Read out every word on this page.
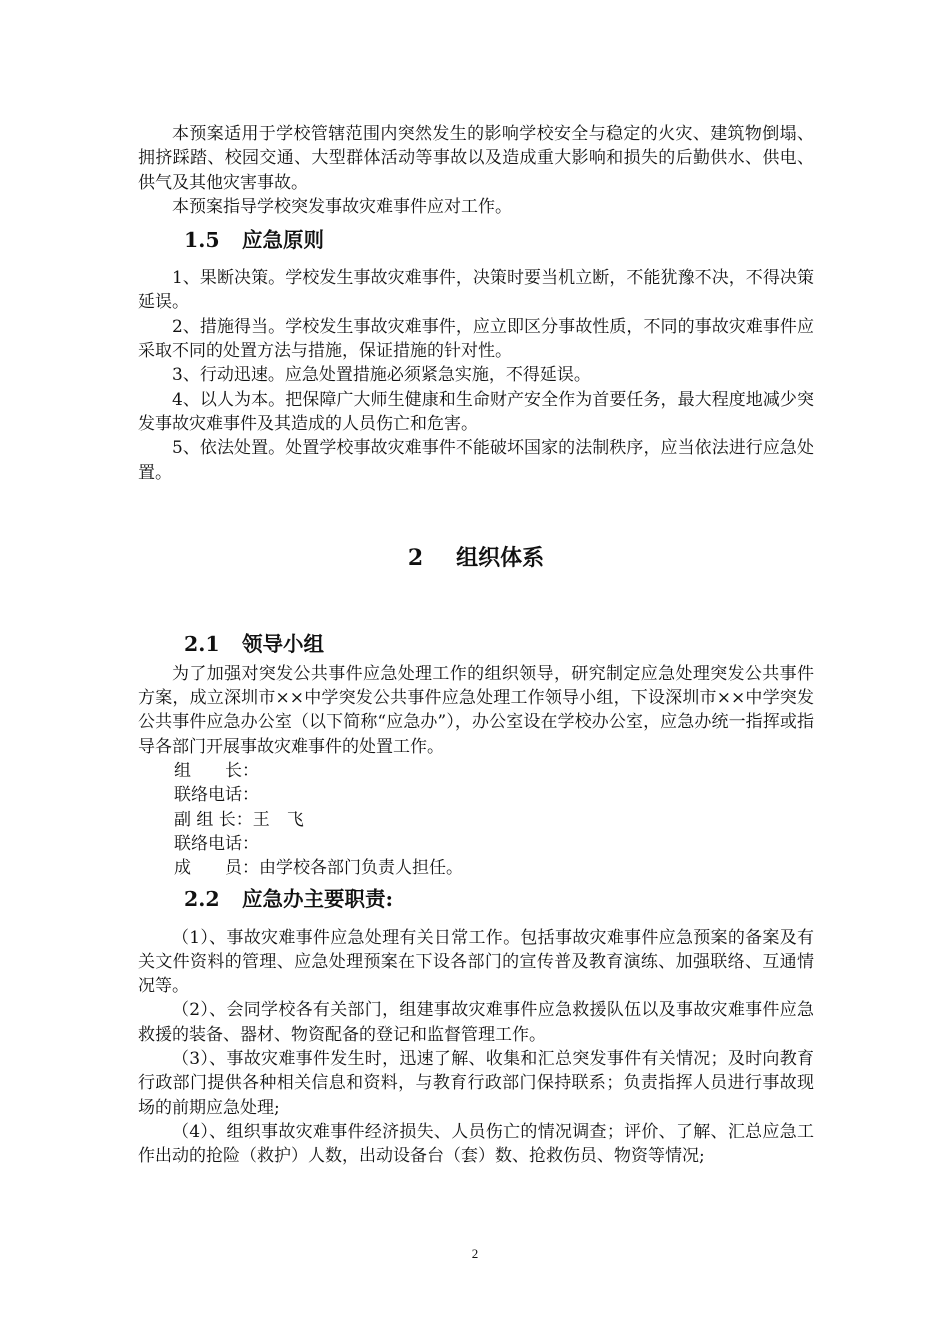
本预案适用于学校管辖范围内突然发生的影响学校安全与稳定的火灾、建筑物倒塌、拥挤踩踏、校园交通、大型群体活动等事故以及造成重大影响和损失的后勤供水、供电、供气及其他灾害事故。

本预案指导学校突发事故灾难事件应对工作。

1.5 应急原则

1、果断决策。学校发生事故灾难事件，决策时要当机立断，不能犹豫不决，不得决策延误。

2、措施得当。学校发生事故灾难事件，应立即区分事故性质，不同的事故灾难事件应采取不同的处置方法与措施，保证措施的针对性。

3、行动迅速。应急处置措施必须紧急实施，不得延误。

4、以人为本。把保障广大师生健康和生命财产安全作为首要任务，最大程度地减少突发事故灾难事件及其造成的人员伤亡和危害。

5、依法处置。处置学校事故灾难事件不能破坏国家的法制秩序，应当依法进行应急处置。

2   组织体系
2.1 领导小组

为了加强对突发公共事件应急处理工作的组织领导，研究制定应急处理突发公共事件方案，成立深圳市××中学突发公共事件应急处理工作领导小组，下设深圳市××中学突发公共事件应急办公室（以下简称“应急办”），办公室设在学校办公室，应急办统一指挥或指导各部门开展事故灾难事件的处置工作。

组　　长：
联络电话：
副 组 长：王　飞
联络电话：
成　　员：由学校各部门负责人担任。
2.2 应急办主要职责:

（1）、事故灾难事件应急处理有关日常工作。包括事故灾难事件应急预案的备案及有关文件资料的管理、应急处理预案在下设各部门的宣传普及教育演练、加强联络、互通情况等。

（2）、会同学校各有关部门，组建事故灾难事件应急救援队伍以及事故灾难事件应急救援的装备、器材、物资配备的登记和监督管理工作。

（3）、事故灾难事件发生时，迅速了解、收集和汇总突发事件有关情况；及时向教育行政部门提供各种相关信息和资料，与教育行政部门保持联系；负责指挥人员进行事故现场的前期应急处理;

（4）、组织事故灾难事件经济损失、人员伤亡的情况调查；评价、了解、汇总应急工作出动的抢险（救护）人数，出动设备台（套）数、抢救伤员、物资等情况;

2
